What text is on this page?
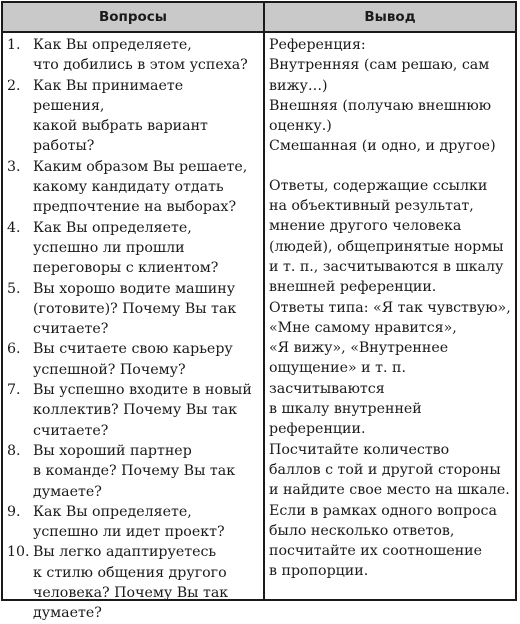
Вопросы	Вывод
1. Как Вы определяете,
что добились в этом успеха?
2. Как Вы принимаете решения,
какой выбрать вариант
работы?
3. Каким образом Вы решаете,
какому кандидату отдать
предпочтение на выборах?
4. Как Вы определяете,
успешно ли прошли
переговоры с клиентом?
5. Вы хорошо водите машину
(готовите)? Почему Вы так
считаете?
6. Вы считаете свою карьеру
успешной? Почему?
7. Вы успешно входите в новый
коллектив? Почему Вы так
считаете?
8. Вы хороший партнер
в команде? Почему Вы так
думаете?
9. Как Вы определяете,
успешно ли идет проект?
10. Вы легко адаптируетесь
к стилю общения другого
человека? Почему Вы так
думаете?
Референция:
Внутренняя (сам решаю, сам
вижу…)
Внешняя (получаю внешнюю
оценку.)
Смешанная (и одно, и другое)
Ответы, содержащие ссылки
на объективный результат,
мнение другого человека
(людей), общепринятые нормы
и т. п., засчитываются в шкалу
внешней референции.
Ответы типа: «Я так чувствую»,
«Мне самому нравится»,
«Я вижу», «Внутреннее
ощущение» и т. п. засчитываются
в шкалу внутренней референции.
Посчитайте количество
баллов с той и другой стороны
и найдите свое место на шкале.
Если в рамках одного вопроса
было несколько ответов,
посчитайте их соотношение
в пропорции.
